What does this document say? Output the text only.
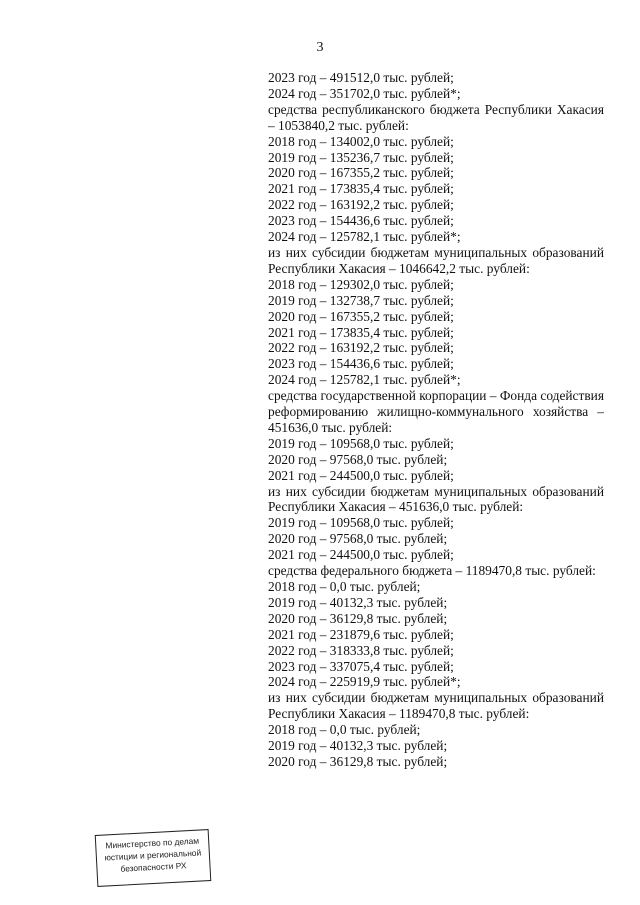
3
2023 год – 491512,0 тыс. рублей;
2024 год – 351702,0 тыс. рублей*;
средства республиканского бюджета Республики Хакасия – 1053840,2 тыс. рублей:
2018 год – 134002,0 тыс. рублей;
2019 год – 135236,7 тыс. рублей;
2020 год – 167355,2 тыс. рублей;
2021 год – 173835,4 тыс. рублей;
2022 год – 163192,2 тыс. рублей;
2023 год – 154436,6 тыс. рублей;
2024 год – 125782,1 тыс. рублей*;
из них субсидии бюджетам муниципальных образований Республики Хакасия – 1046642,2 тыс. рублей:
2018 год – 129302,0 тыс. рублей;
2019 год – 132738,7 тыс. рублей;
2020 год – 167355,2 тыс. рублей;
2021 год – 173835,4 тыс. рублей;
2022 год – 163192,2 тыс. рублей;
2023 год – 154436,6 тыс. рублей;
2024 год – 125782,1 тыс. рублей*;
средства государственной корпорации – Фонда содействия реформированию жилищно-коммунального хозяйства – 451636,0 тыс. рублей:
2019 год – 109568,0 тыс. рублей;
2020 год – 97568,0 тыс. рублей;
2021 год – 244500,0 тыс. рублей;
из них субсидии бюджетам муниципальных образований Республики Хакасия – 451636,0 тыс. рублей:
2019 год – 109568,0 тыс. рублей;
2020 год – 97568,0 тыс. рублей;
2021 год – 244500,0 тыс. рублей;
средства федерального бюджета – 1189470,8 тыс. рублей:
2018 год – 0,0 тыс. рублей;
2019 год – 40132,3 тыс. рублей;
2020 год – 36129,8 тыс. рублей;
2021 год – 231879,6 тыс. рублей;
2022 год – 318333,8 тыс. рублей;
2023 год – 337075,4 тыс. рублей;
2024 год – 225919,9 тыс. рублей*;
из них субсидии бюджетам муниципальных образований Республики Хакасия – 1189470,8 тыс. рублей:
2018 год – 0,0 тыс. рублей;
2019 год – 40132,3 тыс. рублей;
2020 год – 36129,8 тыс. рублей;
Министерство по делам
юстиции и региональной
безопасности РХ
